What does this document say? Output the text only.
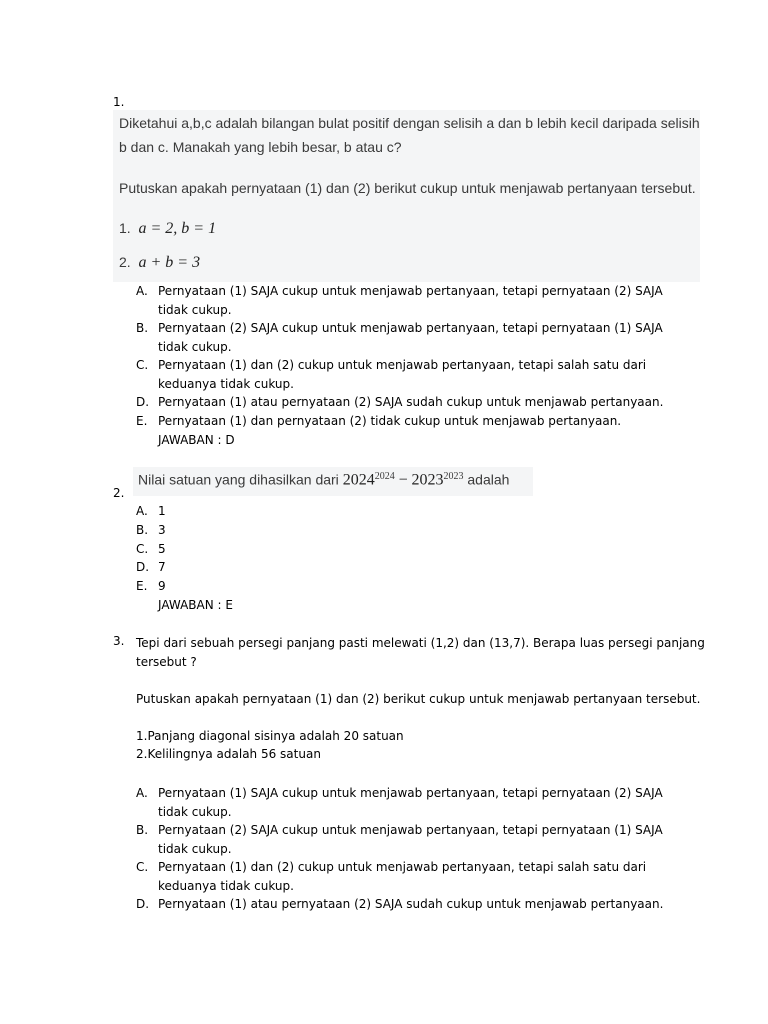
1.
Diketahui a,b,c adalah bilangan bulat positif dengan selisih a dan b lebih kecil daripada selisih
b dan c. Manakah yang lebih besar, b atau c?
Putuskan apakah pernyataan (1) dan (2) berikut cukup untuk menjawab pertanyaan tersebut.
1. a = 2, b = 1
2. a + b = 3
A. Pernyataan (1) SAJA cukup untuk menjawab pertanyaan, tetapi pernyataan (2) SAJA tidak cukup.
B. Pernyataan (2) SAJA cukup untuk menjawab pertanyaan, tetapi pernyataan (1) SAJA tidak cukup.
C. Pernyataan (1) dan (2) cukup untuk menjawab pertanyaan, tetapi salah satu dari keduanya tidak cukup.
D. Pernyataan (1) atau pernyataan (2) SAJA sudah cukup untuk menjawab pertanyaan.
E. Pernyataan (1) dan pernyataan (2) tidak cukup untuk menjawab pertanyaan.
JAWABAN : D
Nilai satuan yang dihasilkan dari $2024^{2024} - 2023^{2023}$ adalah
2.
A. 1
B. 3
C. 5
D. 7
E. 9
JAWABAN : E
3. Tepi dari sebuah persegi panjang pasti melewati (1,2) dan (13,7). Berapa luas persegi panjang
tersebut ?
Putuskan apakah pernyataan (1) dan (2) berikut cukup untuk menjawab pertanyaan tersebut.
1.Panjang diagonal sisinya adalah 20 satuan
2.Kelilingnya adalah 56 satuan
A. Pernyataan (1) SAJA cukup untuk menjawab pertanyaan, tetapi pernyataan (2) SAJA tidak cukup.
B. Pernyataan (2) SAJA cukup untuk menjawab pertanyaan, tetapi pernyataan (1) SAJA tidak cukup.
C. Pernyataan (1) dan (2) cukup untuk menjawab pertanyaan, tetapi salah satu dari keduanya tidak cukup.
D. Pernyataan (1) atau pernyataan (2) SAJA sudah cukup untuk menjawab pertanyaan.
